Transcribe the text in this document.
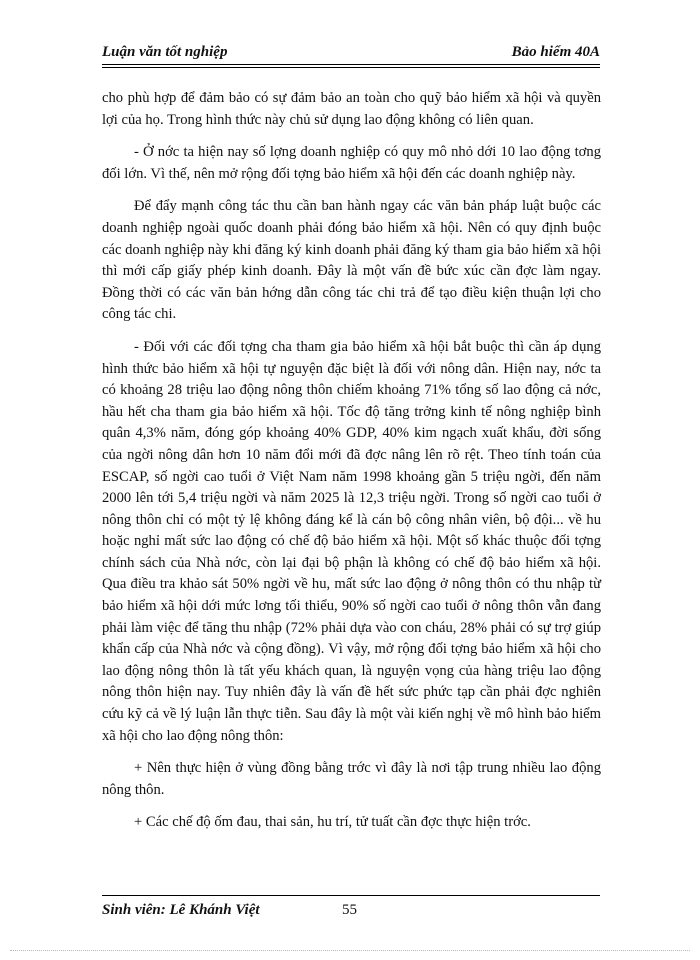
Luận văn tốt nghiệp	Bảo hiểm 40A

cho phù hợp để đảm bảo có sự đảm bảo an toàn cho quỹ bảo hiểm xã hội và quyền lợi của họ. Trong hình thức này chủ sử dụng lao động không có liên quan.

- Ở nớc ta hiện nay số lợng doanh nghiệp có quy mô nhỏ dới 10 lao động tơng đối lớn. Vì thế, nên mở rộng đối tợng bảo hiểm xã hội đến các doanh nghiệp này.

Để đẩy mạnh công tác thu cần ban hành ngay các văn bản pháp luật buộc các doanh nghiệp ngoài quốc doanh phải đóng bảo hiểm xã hội. Nên có quy định buộc các doanh nghiệp này khi đăng ký kinh doanh phải đăng ký tham gia bảo hiểm xã hội thì mới cấp giấy phép kinh doanh. Đây là một vấn đề bức xúc cần đợc làm ngay. Đồng thời có các văn bản hớng dẫn công tác chi trả để tạo điều kiện thuận lợi cho công tác chi.

- Đối với các đối tợng cha tham gia bảo hiểm xã hội bắt buộc thì cần áp dụng hình thức bảo hiểm xã hội tự nguyện đặc biệt là đối với nông dân. Hiện nay, nớc ta có khoảng 28 triệu lao động nông thôn chiếm khoảng 71% tổng số lao động cả nớc, hầu hết cha tham gia bảo hiểm xã hội. Tốc độ tăng trởng kinh tế nông nghiệp bình quân 4,3% năm, đóng góp khoảng 40% GDP, 40% kim ngạch xuất khẩu, đời sống của ngời nông dân hơn 10 năm đổi mới đã đợc nâng lên rõ rệt. Theo tính toán của ESCAP, số ngời cao tuổi ở Việt Nam năm 1998 khoảng gần 5 triệu ngời, đến năm 2000 lên tới 5,4 triệu ngời và năm 2025 là 12,3 triệu ngời. Trong số ngời cao tuổi ở nông thôn chỉ có một tỷ lệ không đáng kể là cán bộ công nhân viên, bộ đội... về hu hoặc nghỉ mất sức lao động có chế độ bảo hiểm xã hội. Một số khác thuộc đối tợng chính sách của Nhà nớc, còn lại đại bộ phận là không có chế độ bảo hiểm xã hội. Qua điều tra khảo sát 50% ngời về hu, mất sức lao động ở nông thôn có thu nhập từ bảo hiểm xã hội dới mức lơng tối thiểu, 90% số ngời cao tuổi ở nông thôn vẫn đang phải làm việc để tăng thu nhập (72% phải dựa vào con cháu, 28% phải có sự trợ giúp khẩn cấp của Nhà nớc và cộng đồng). Vì vậy, mở rộng đối tợng bảo hiểm xã hội cho lao động nông thôn là tất yếu khách quan, là nguyện vọng của hàng triệu lao động nông thôn hiện nay. Tuy nhiên đây là vấn đề hết sức phức tạp cần phải đợc nghiên cứu kỹ cả về lý luận lẫn thực tiễn. Sau đây là một vài kiến nghị về mô hình bảo hiểm xã hội cho lao động nông thôn:

+ Nên thực hiện ở vùng đồng bằng trớc vì đây là nơi tập trung nhiều lao động nông thôn.

+ Các chế độ ốm đau, thai sản, hu trí, tử tuất cần đợc thực hiện trớc.

Sinh viên: Lê Khánh Việt	55
